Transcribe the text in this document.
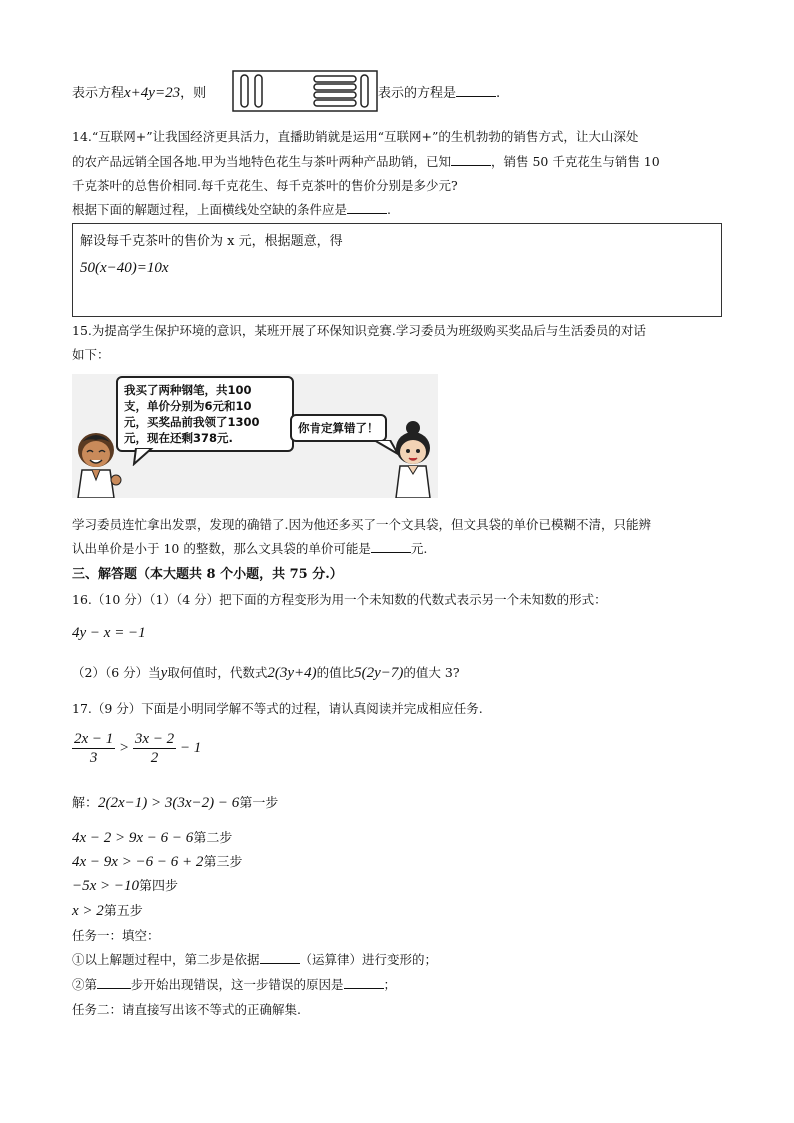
表示方程x+4y=23，则	表示的方程是	.
14.“互联网+”让我国经济更具活力，直播助销就是运用“互联网+”的生机勃勃的销售方式，让大山深处
的农产品远销全国各地.甲为当地特色花生与茶叶两种产品助销，已知	，销售 50 千克花生与销售 10
千克茶叶的总售价相同.每千克花生、每千克茶叶的售价分别是多少元?
根据下面的解题过程，上面横线处空缺的条件应是	.
解设每千克茶叶的售价为 x 元，根据题意，得
50(x−40)=10x
15.为提高学生保护环境的意识，某班开展了环保知识竞赛.学习委员为班级购买奖品后与生活委员的对话
如下：
我买了两种钢笔，共100
支，单价分别为6元和10
元，买奖品前我领了1300
元，现在还剩378元.
你肯定算错了！
学习委员连忙拿出发票，发现的确错了.因为他还多买了一个文具袋，但文具袋的单价已模糊不清，只能辨
认出单价是小于 10 的整数，那么文具袋的单价可能是	元.
三、解答题（本大题共 8 个小题，共 75 分.）
16.（10 分）（1）（4 分）把下面的方程变形为用一个未知数的代数式表示另一个未知数的形式：
4y − x = −1
（2）（6 分）当y取何值时，代数式2(3y+4)的值比5(2y−7)的值大 3?
17.（9 分）下面是小明同学解不等式的过程，请认真阅读并完成相应任务.
$\frac{2x - 1}{3} > \frac{3x - 2}{2} - 1$
解：2(2x−1) > 3(3x−2) − 6第一步
4x − 2 > 9x − 6 − 6第二步
4x − 9x > −6 − 6 + 2第三步
−5x > −10第四步
x > 2第五步
任务一：填空：
①以上解题过程中，第二步是依据	（运算律）进行变形的；
②第	步开始出现错误，这一步错误的原因是	；
任务二：请直接写出该不等式的正确解集.
